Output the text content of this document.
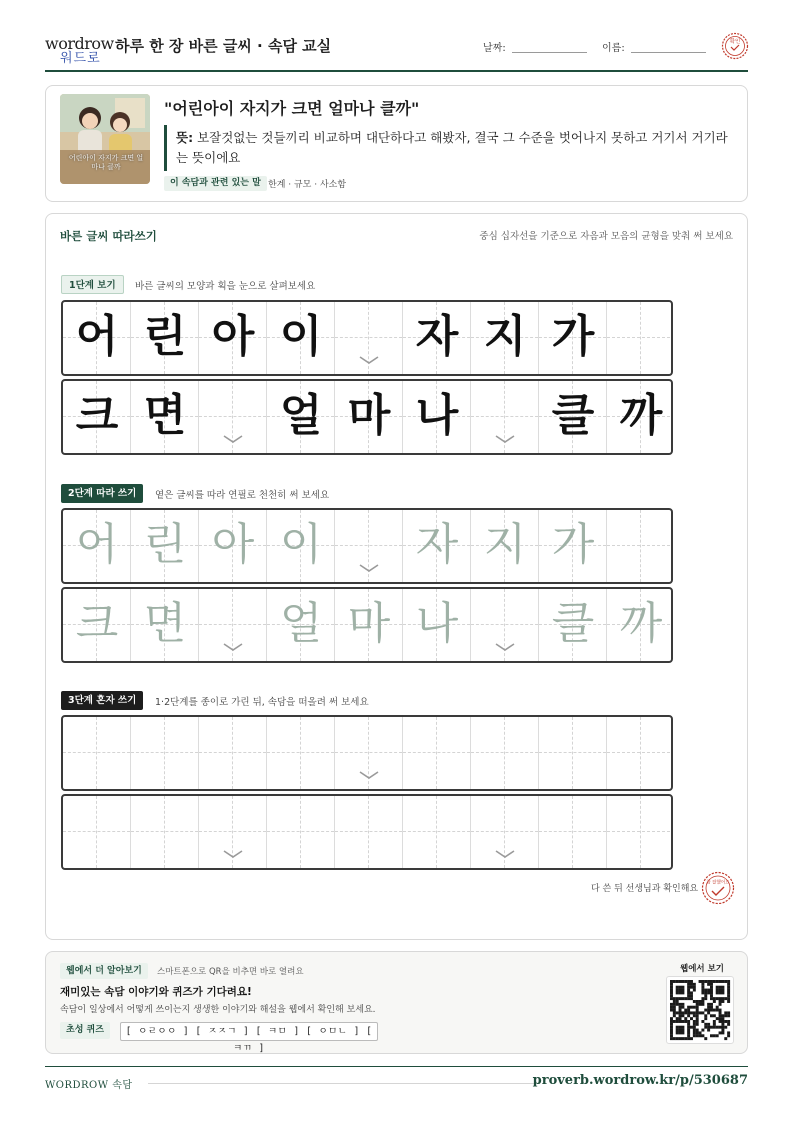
wordrow
워드로
하루 한 장 바른 글씨 · 속담 교실	날짜:	이름:
확인
어린아이 자지가 크면 얼마나 클까
"어린아이 자지가 크면 얼마나 클까"
뜻: 보잘것없는 것들끼리 비교하며 대단하다고 해봤자, 결국 그 수준을 벗어나지 못하고 거기서 거기라는 뜻이에요
이 속담과 관련 있는 말 한계 · 규모 · 사소함
바른 글씨 따라쓰기	중심 십자선을 기준으로 자음과 모음의 균형을 맞춰 써 보세요
1단계 보기	바른 글씨의 모양과 획을 눈으로 살펴보세요
어 린 아 이 자 지 가
크 면 얼 마 나 클 까
2단계 따라 쓰기	옅은 글씨를 따라 연필로 천천히 써 보세요
어 린 아 이 자 지 가
크 면 얼 마 나 클 까
3단계 혼자 쓰기	1·2단계를 종이로 가린 뒤, 속담을 떠올려 써 보세요
다 쓴 뒤 선생님과 확인해요
참 잘했어요
웹에서 더 알아보기	스마트폰으로 QR을 비추면 바로 열려요
재미있는 속담 이야기와 퀴즈가 기다려요!
속담이 일상에서 어떻게 쓰이는지 생생한 이야기와 해설을 웹에서 확인해 보세요.
초성 퀴즈	[ ㅇㄹㅇㅇ ] [ ㅈㅈㄱ ] [ ㅋㅁ ] [ ㅇㅁㄴ ] [ ㅋㄲ ]
웹에서 보기
WORDROW 속담	proverb.wordrow.kr/p/530687
